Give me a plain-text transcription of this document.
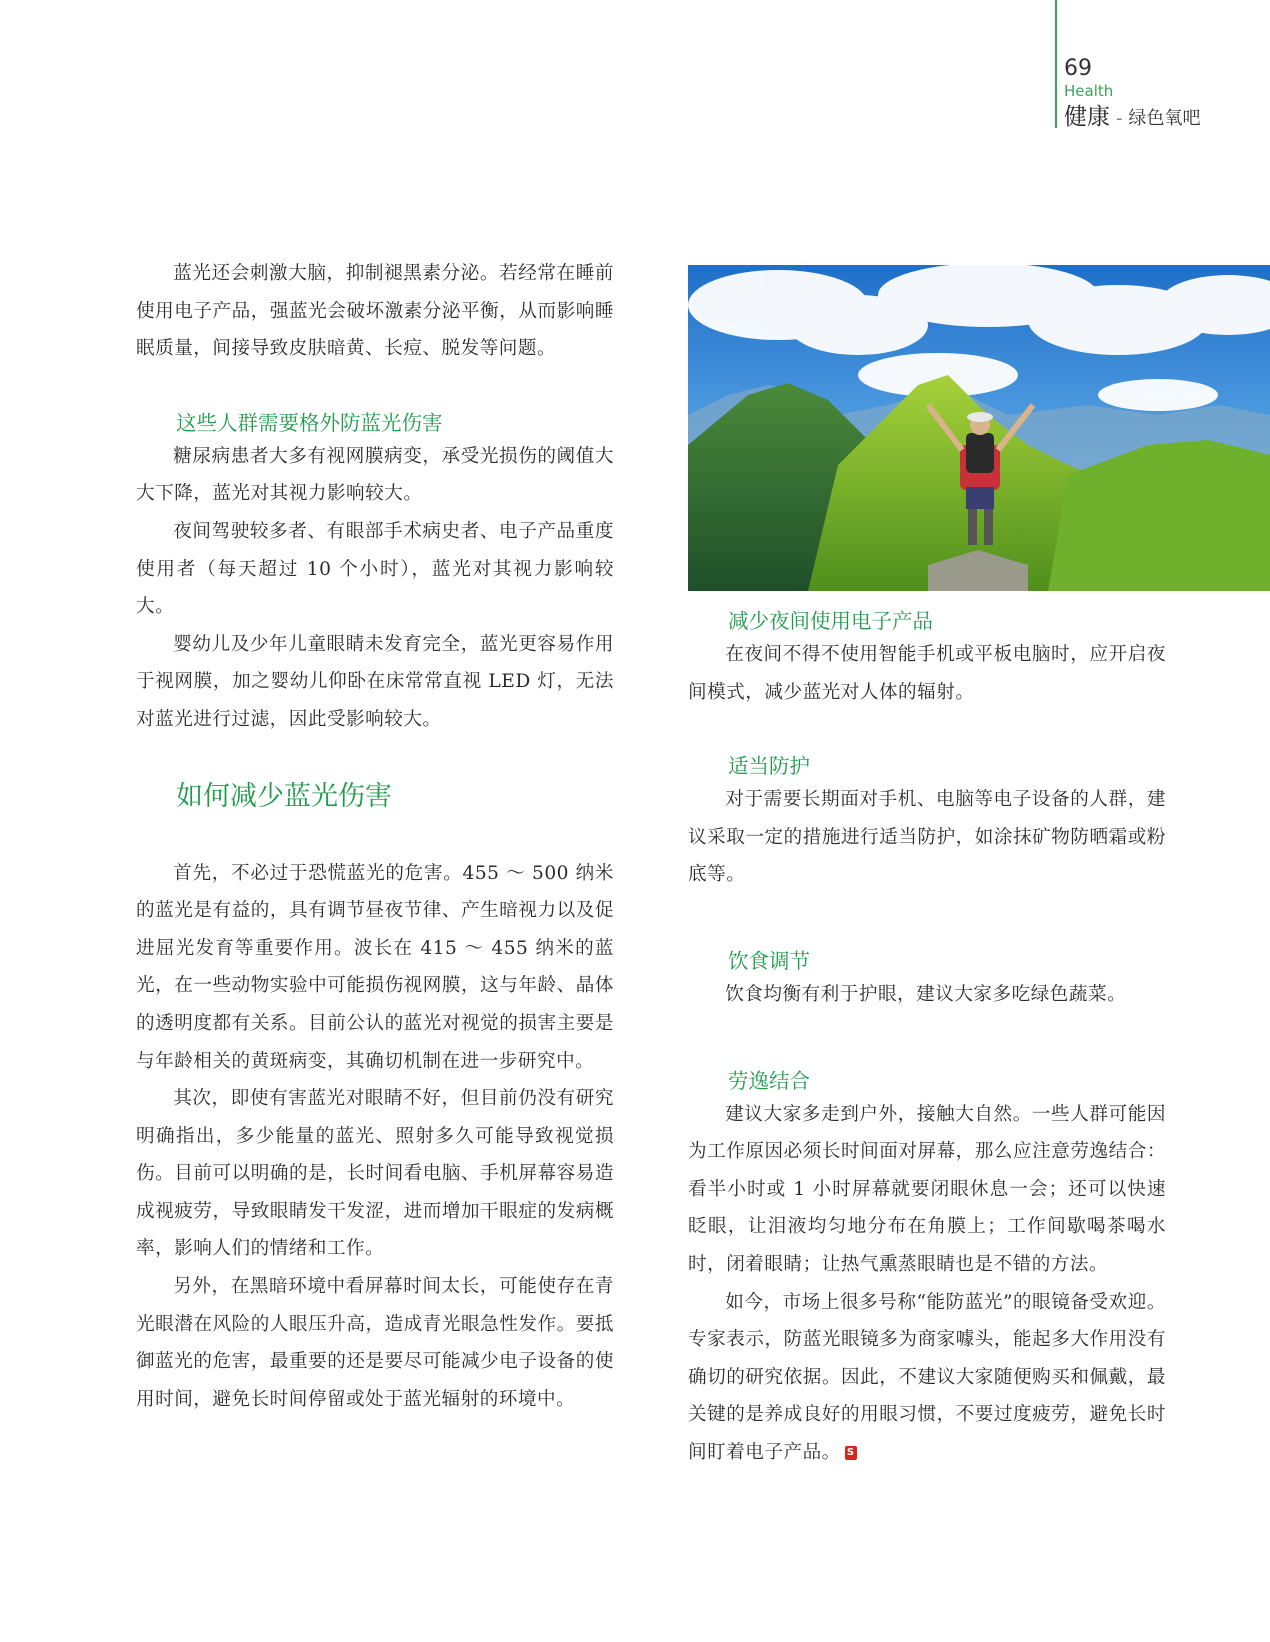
69
Health
健康 - 绿色氧吧

蓝光还会刺激大脑，抑制褪黑素分泌。若经常在睡前使用电子产品，强蓝光会破坏激素分泌平衡，从而影响睡眠质量，间接导致皮肤暗黄、长痘、脱发等问题。

这些人群需要格外防蓝光伤害

糖尿病患者大多有视网膜病变，承受光损伤的阈值大大下降，蓝光对其视力影响较大。

夜间驾驶较多者、有眼部手术病史者、电子产品重度使用者（每天超过 10 个小时），蓝光对其视力影响较大。

婴幼儿及少年儿童眼睛未发育完全，蓝光更容易作用于视网膜，加之婴幼儿仰卧在床常常直视 LED 灯，无法对蓝光进行过滤，因此受影响较大。

如何减少蓝光伤害

首先，不必过于恐慌蓝光的危害。455 ～ 500 纳米的蓝光是有益的，具有调节昼夜节律、产生暗视力以及促进屈光发育等重要作用。波长在 415 ～ 455 纳米的蓝光，在一些动物实验中可能损伤视网膜，这与年龄、晶体的透明度都有关系。目前公认的蓝光对视觉的损害主要是与年龄相关的黄斑病变，其确切机制在进一步研究中。

其次，即使有害蓝光对眼睛不好，但目前仍没有研究明确指出，多少能量的蓝光、照射多久可能导致视觉损伤。目前可以明确的是，长时间看电脑、手机屏幕容易造成视疲劳，导致眼睛发干发涩，进而增加干眼症的发病概率，影响人们的情绪和工作。

另外，在黑暗环境中看屏幕时间太长，可能使存在青光眼潜在风险的人眼压升高，造成青光眼急性发作。要抵御蓝光的危害，最重要的还是要尽可能减少电子设备的使用时间，避免长时间停留或处于蓝光辐射的环境中。

减少夜间使用电子产品

在夜间不得不使用智能手机或平板电脑时，应开启夜间模式，减少蓝光对人体的辐射。

适当防护

对于需要长期面对手机、电脑等电子设备的人群，建议采取一定的措施进行适当防护，如涂抹矿物防晒霜或粉底等。

饮食调节

饮食均衡有利于护眼，建议大家多吃绿色蔬菜。

劳逸结合

建议大家多走到户外，接触大自然。一些人群可能因为工作原因必须长时间面对屏幕，那么应注意劳逸结合：看半小时或 1 小时屏幕就要闭眼休息一会；还可以快速眨眼，让泪液均匀地分布在角膜上；工作间歇喝茶喝水时，闭着眼睛；让热气熏蒸眼睛也是不错的方法。

如今，市场上很多号称“能防蓝光”的眼镜备受欢迎。专家表示，防蓝光眼镜多为商家噱头，能起多大作用没有确切的研究依据。因此，不建议大家随便购买和佩戴，最关键的是养成良好的用眼习惯，不要过度疲劳，避免长时间盯着电子产品。 S
